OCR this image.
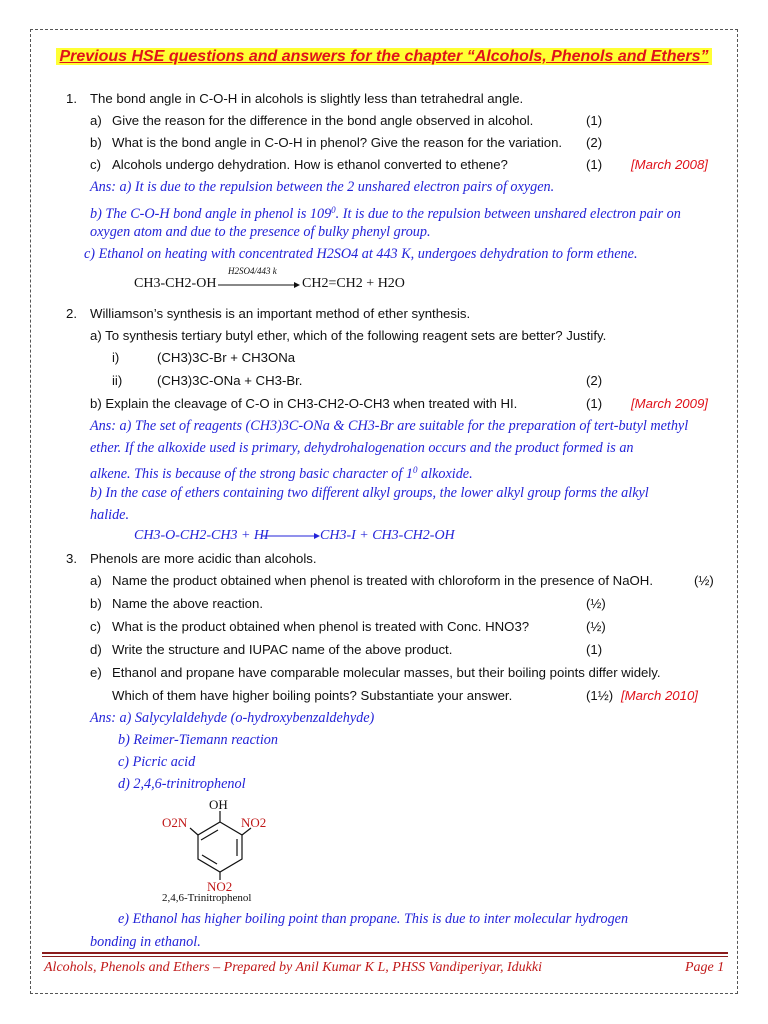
Previous HSE questions and answers for the chapter “Alcohols, Phenols and Ethers”
1. The bond angle in C-O-H in alcohols is slightly less than tetrahedral angle.
a) Give the reason for the difference in the bond angle observed in alcohol.	(1)
b) What is the bond angle in C-O-H in phenol? Give the reason for the variation. (2)
c) Alcohols undergo dehydration. How is ethanol converted to ethene?	(1) [March 2008]
Ans: a) It is due to the repulsion between the 2 unshared electron pairs of oxygen.
b) The C-O-H bond angle in phenol is $109^0$. It is due to the repulsion between unshared electron pair on
oxygen atom and due to the presence of bulky phenyl group.
c) Ethanol on heating with concentrated H2SO4 at 443 K, undergoes dehydration to form ethene.
CH3-CH2-OH
H2SO4/443 k
CH2=CH2 + H2O
2. Williamson’s synthesis is an important method of ether synthesis.
a) To synthesis tertiary butyl ether, which of the following reagent sets are better? Justify.
i)	(CH3)3C-Br + CH3ONa
ii)	(CH3)3C-ONa + CH3-Br.	(2)
b) Explain the cleavage of C-O in CH3-CH2-O-CH3 when treated with HI.	(1) [March 2009]
Ans: a) The set of reagents (CH3)3C-ONa & CH3-Br are suitable for the preparation of tert-butyl methyl
ether. If the alkoxide used is primary, dehydrohalogenation occurs and the product formed is an
alkene. This is because of the strong basic character of $1^0$ alkoxide.
b) In the case of ethers containing two different alkyl groups, the lower alkyl group forms the alkyl
halide.
CH3-O-CH2-CH3 + HI → CH3-I + CH3-CH2-OH
3. Phenols are more acidic than alcohols.
a) Name the product obtained when phenol is treated with chloroform in the presence of NaOH.	(½)
b) Name the above reaction.	(½)
c) What is the product obtained when phenol is treated with Conc. HNO3?	(½)
d) Write the structure and IUPAC name of the above product.	(1)
e) Ethanol and propane have comparable molecular masses, but their boiling points differ widely.
Which of them have higher boiling points? Substantiate your answer.	(1½) [March 2010]
Ans: a) Salycylaldehyde (o-hydroxybenzaldehyde)
b) Reimer-Tiemann reaction
c) Picric acid
d) 2,4,6-trinitrophenol
OH
O2N	NO2
NO2
2,4,6-Trinitrophenol
e) Ethanol has higher boiling point than propane. This is due to inter molecular hydrogen
bonding in ethanol.
Alcohols, Phenols and Ethers – Prepared by Anil Kumar K L, PHSS Vandiperiyar, Idukki	Page 1
